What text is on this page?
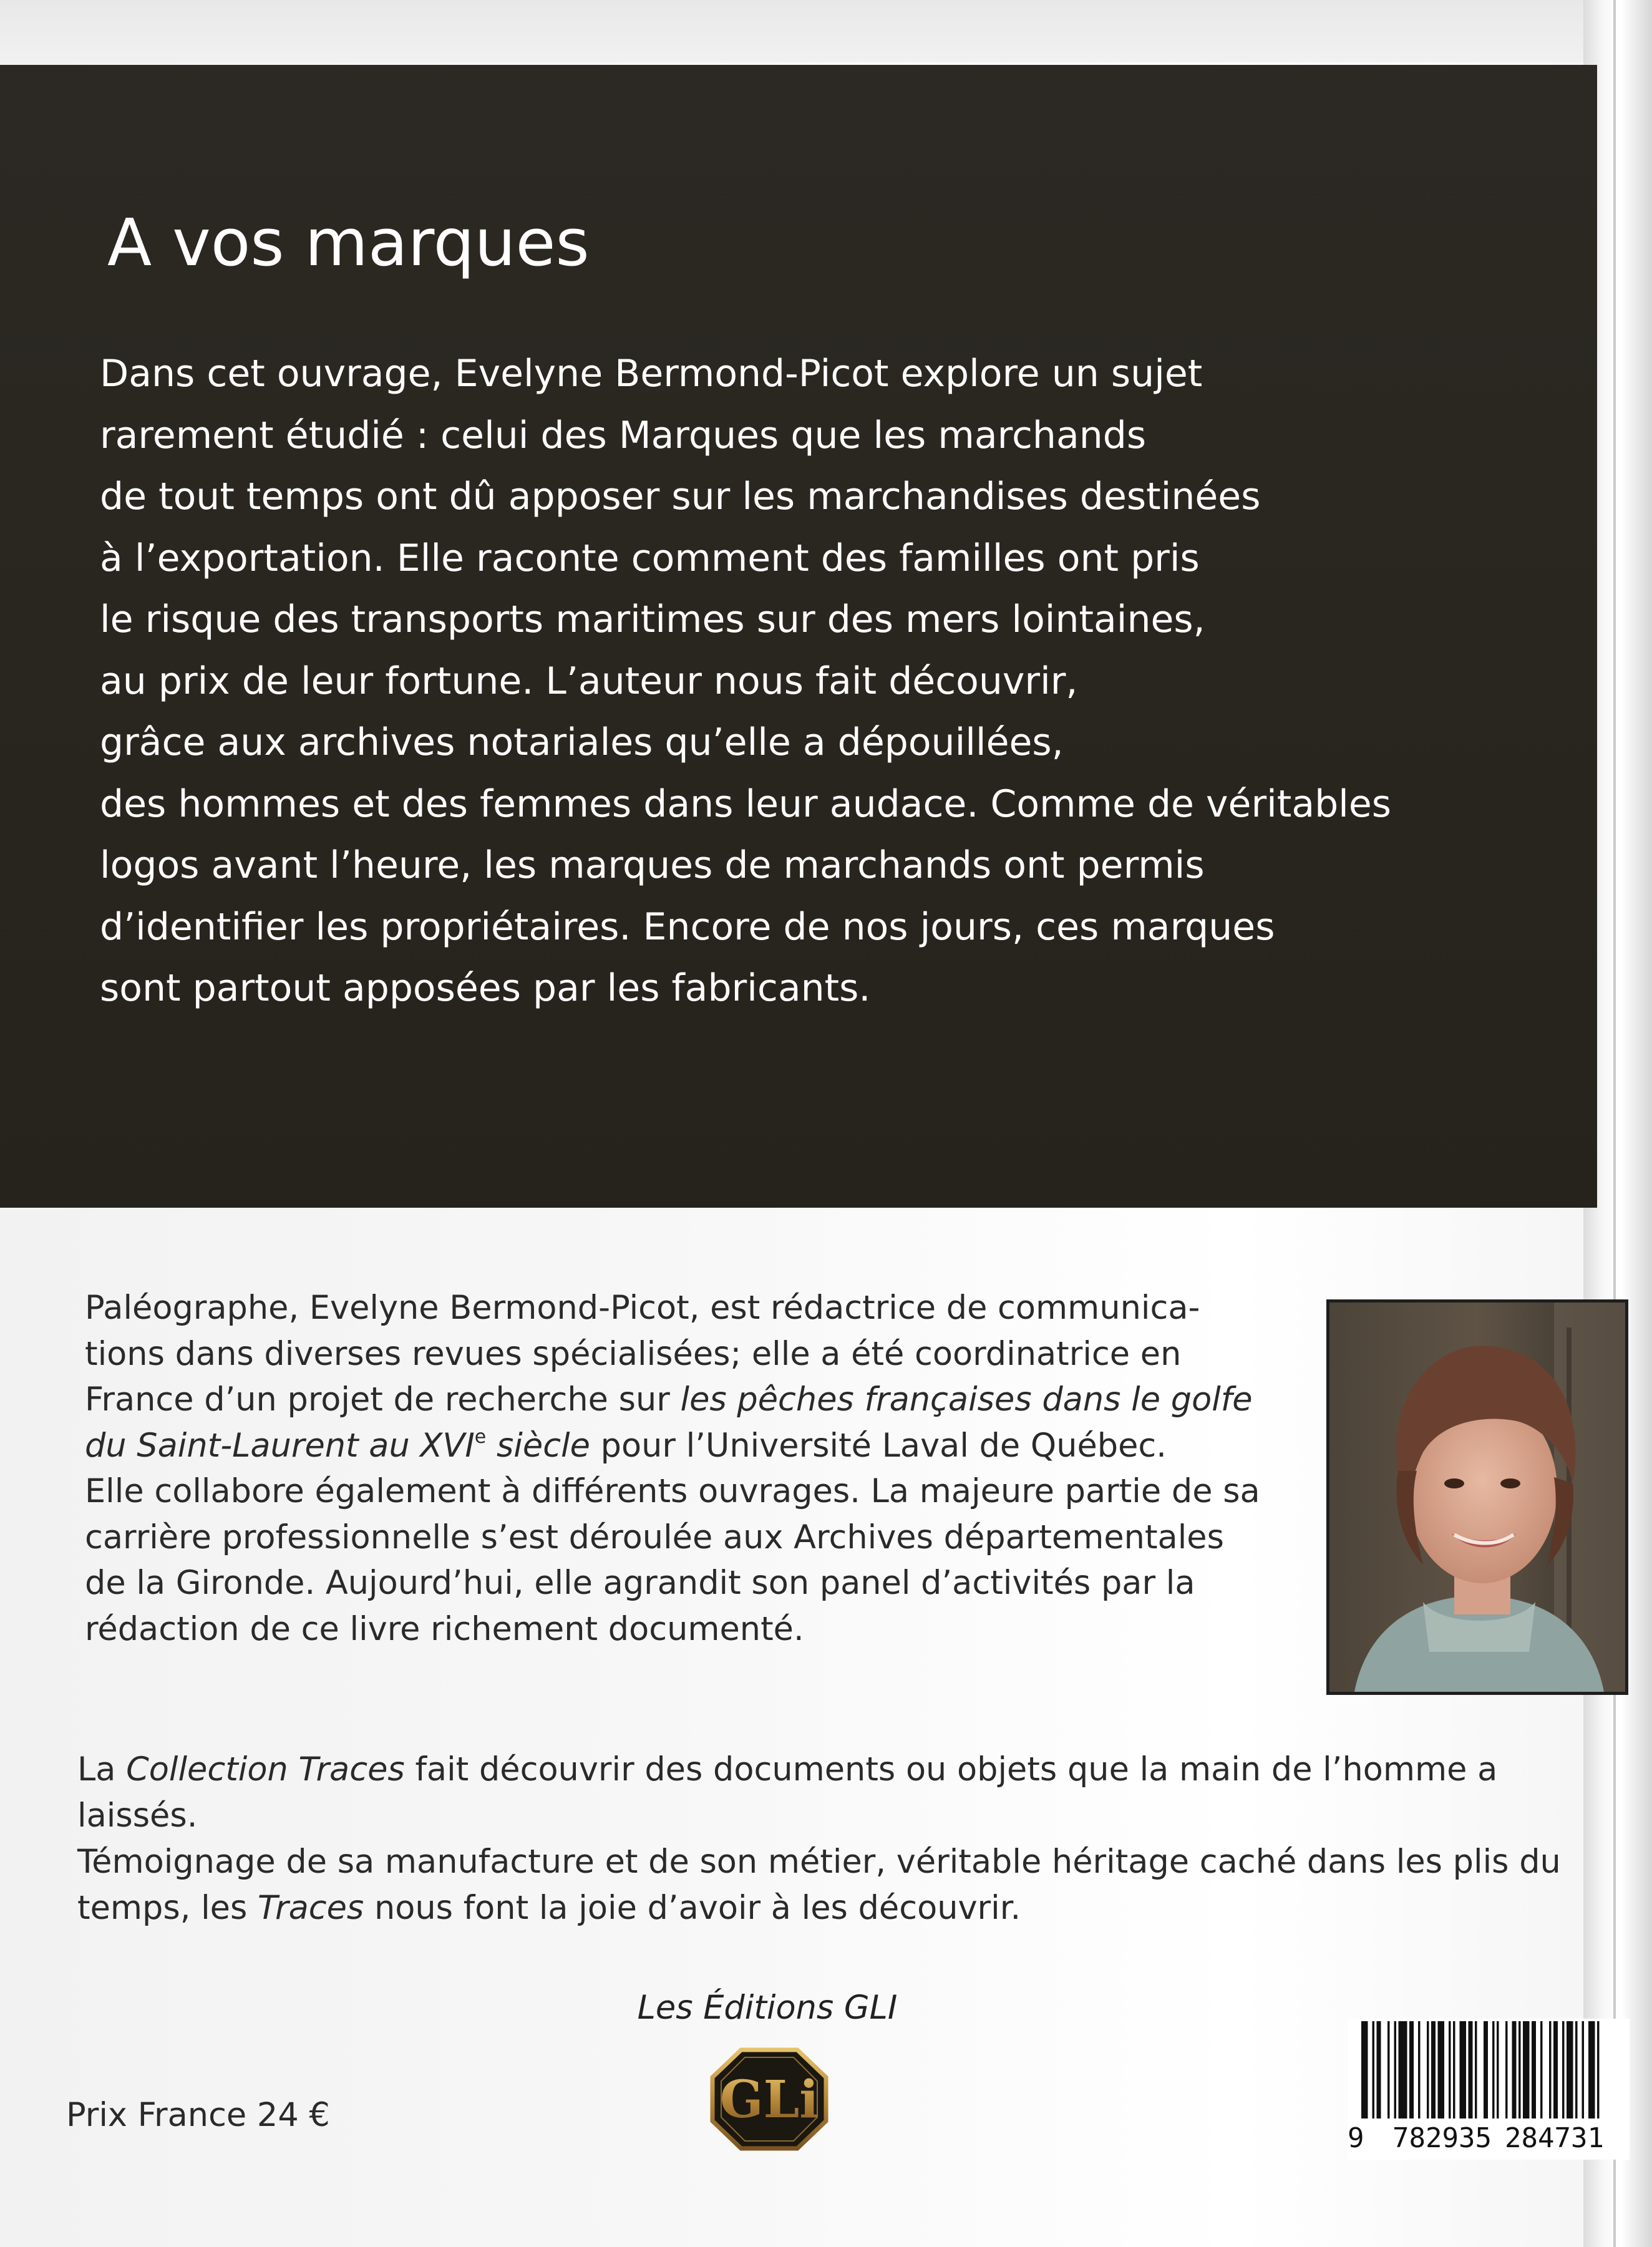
A vos marques
Dans cet ouvrage, Evelyne Bermond-Picot explore un sujet
rarement étudié : celui des Marques que les marchands
de tout temps ont dû apposer sur les marchandises destinées
à l’exportation. Elle raconte comment des familles ont pris
le risque des transports maritimes sur des mers lointaines,
au prix de leur fortune. L’auteur nous fait découvrir,
grâce aux archives notariales qu’elle a dépouillées,
des hommes et des femmes dans leur audace. Comme de véritables
logos avant l’heure, les marques de marchands ont permis
d’identifier les propriétaires. Encore de nos jours, ces marques
sont partout apposées par les fabricants.
Paléographe, Evelyne Bermond-Picot, est rédactrice de communica-
tions dans diverses revues spécialisées; elle a été coordinatrice en
France d’un projet de recherche sur les pêches françaises dans le golfe
du Saint-Laurent au XVIe siècle pour l’Université Laval de Québec.
Elle collabore également à différents ouvrages. La majeure partie de sa
carrière professionnelle s’est déroulée aux Archives départementales
de la Gironde. Aujourd’hui, elle agrandit son panel d’activités par la
rédaction de ce livre richement documenté.
La Collection Traces fait découvrir des documents ou objets que la main de l’homme a
laissés.
Témoignage de sa manufacture et de son métier, véritable héritage caché dans les plis du
temps, les Traces nous font la joie d’avoir à les découvrir.
Les Éditions GLI
GLi
Prix France 24 €
9 782935 284731
